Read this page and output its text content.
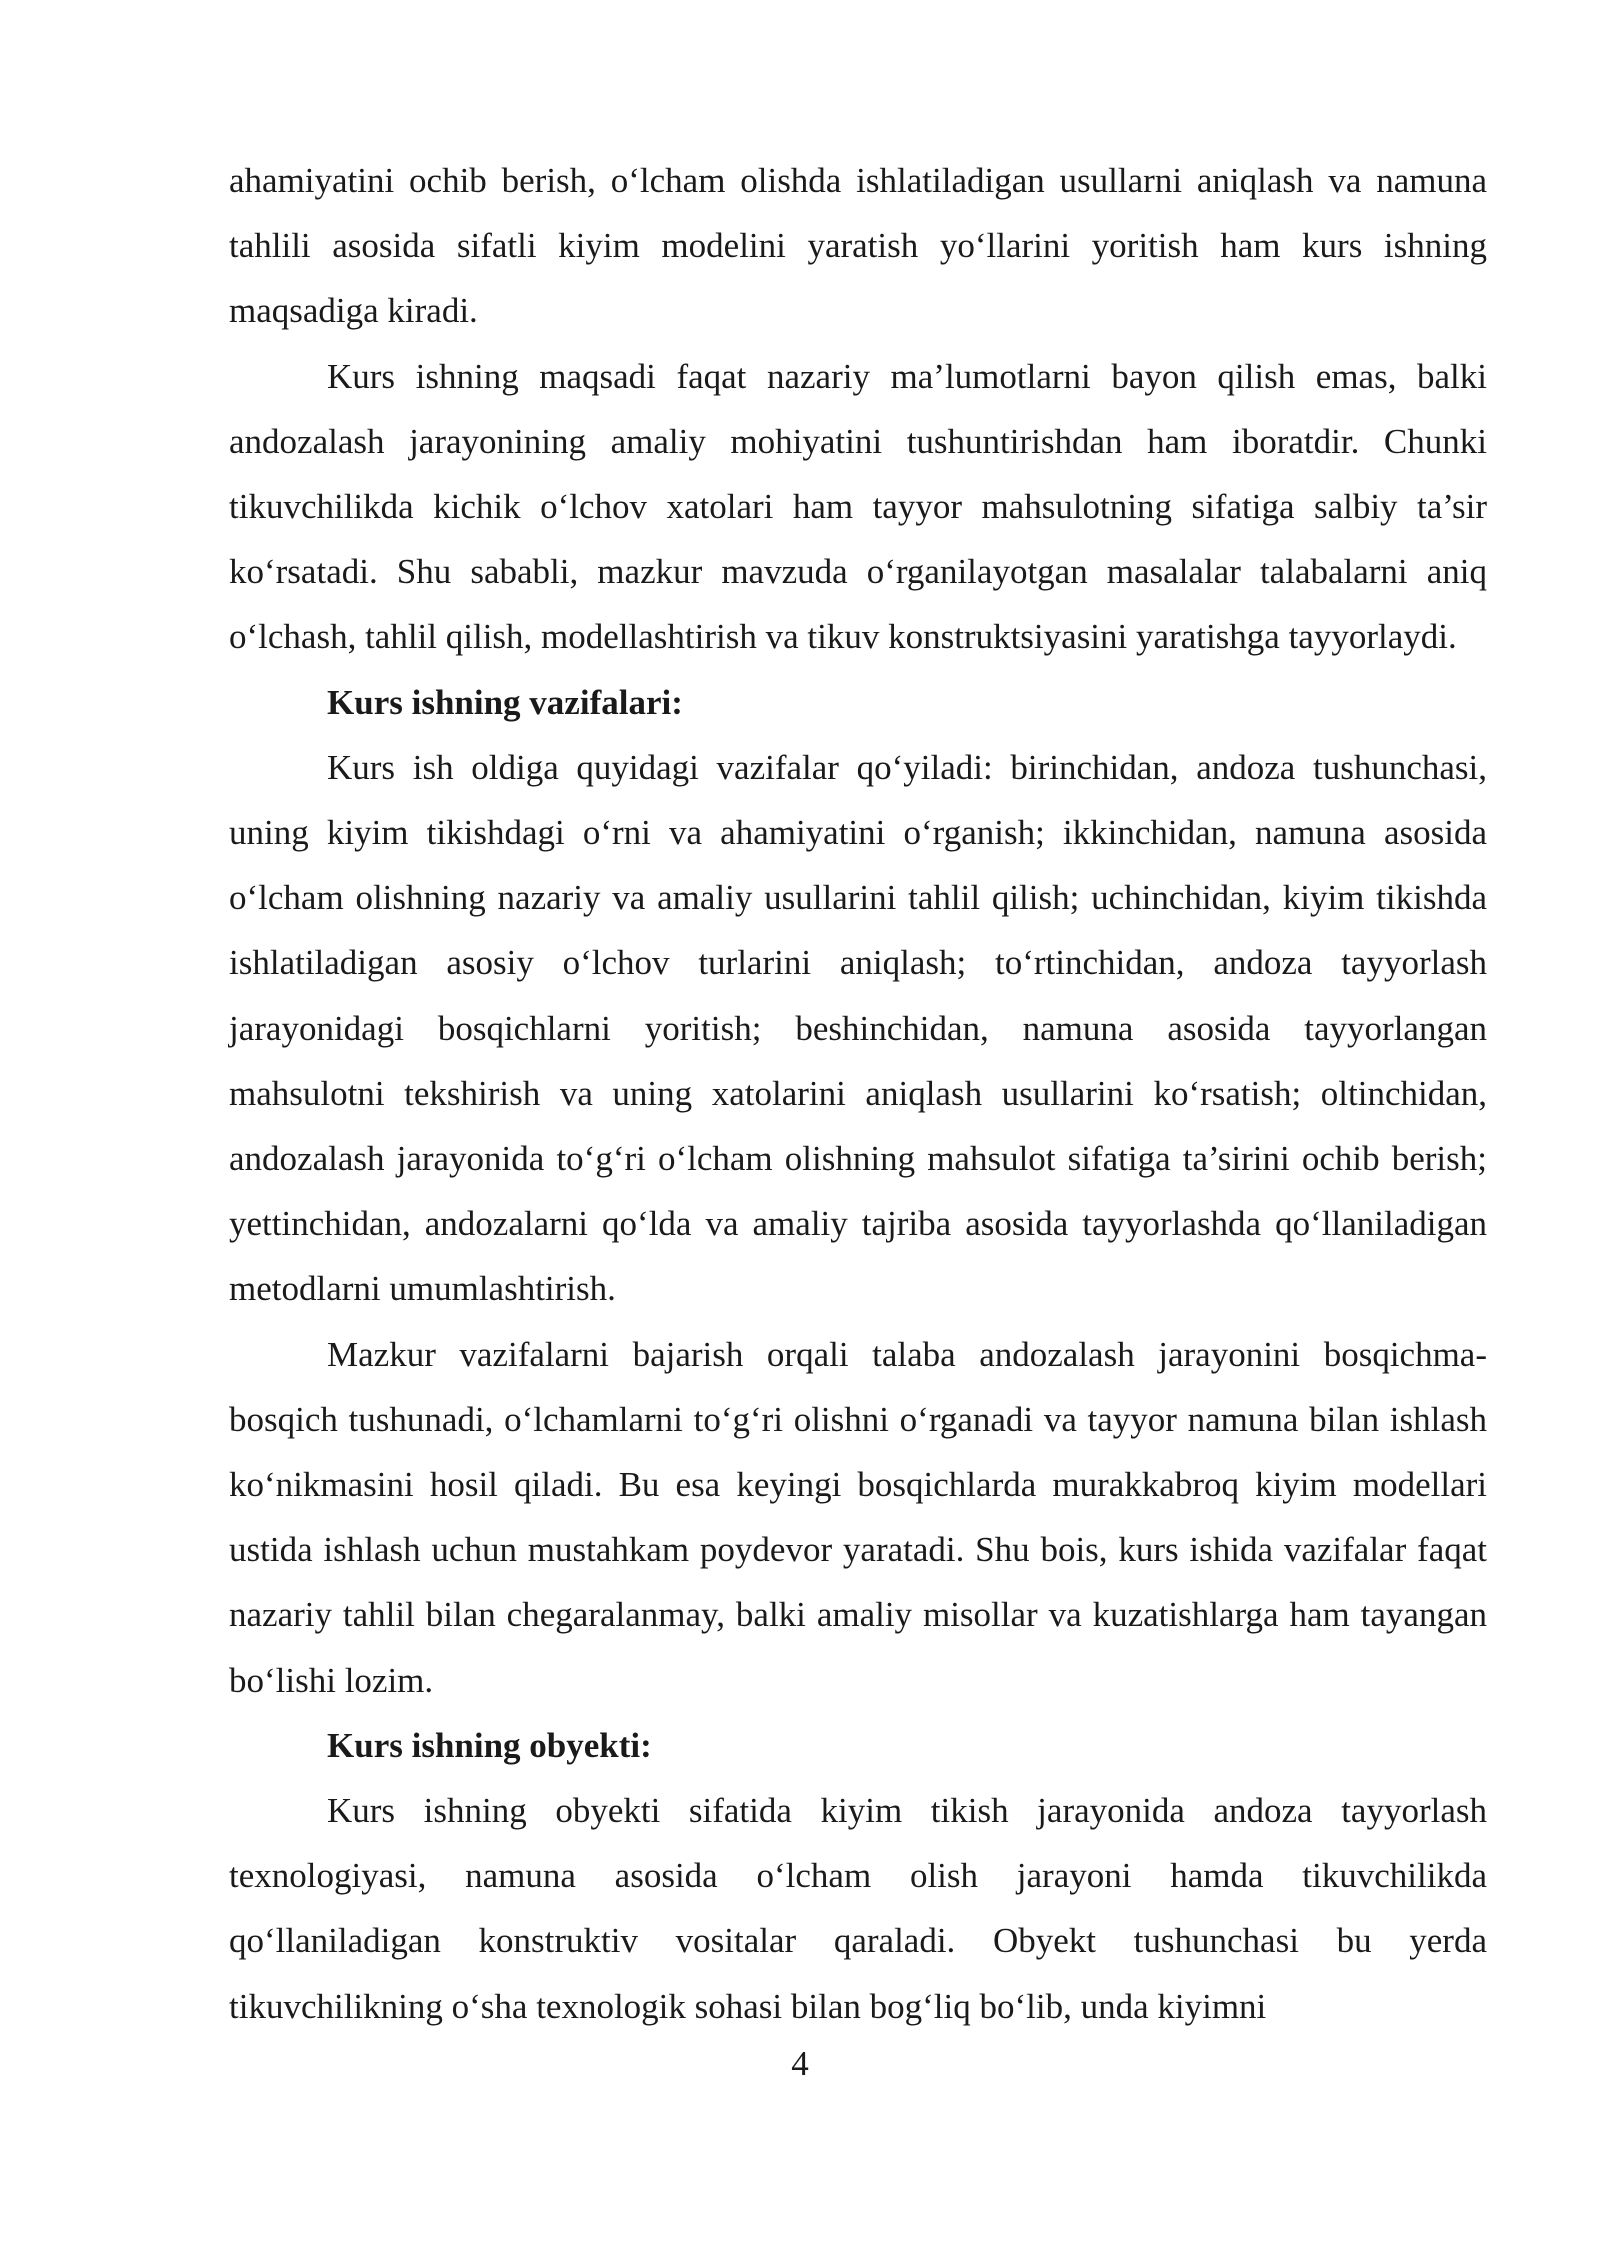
ahamiyatini ochib berish, o‘lcham olishda ishlatiladigan usullarni aniqlash va namuna tahlili asosida sifatli kiyim modelini yaratish yo‘llarini yoritish ham kurs ishning maqsadiga kiradi.

Kurs ishning maqsadi faqat nazariy ma’lumotlarni bayon qilish emas, balki andozalash jarayonining amaliy mohiyatini tushuntirishdan ham iboratdir. Chunki tikuvchilikda kichik o‘lchov xatolari ham tayyor mahsulotning sifatiga salbiy ta’sir ko‘rsatadi. Shu sababli, mazkur mavzuda o‘rganilayotgan masalalar talabalarni aniq o‘lchash, tahlil qilish, modellashtirish va tikuv konstruktsiyasini yaratishga tayyorlaydi.

Kurs ishning vazifalari:

Kurs ish oldiga quyidagi vazifalar qo‘yiladi: birinchidan, andoza tushunchasi, uning kiyim tikishdagi o‘rni va ahamiyatini o‘rganish; ikkinchidan, namuna asosida o‘lcham olishning nazariy va amaliy usullarini tahlil qilish; uchinchidan, kiyim tikishda ishlatiladigan asosiy o‘lchov turlarini aniqlash; to‘rtinchidan, andoza tayyorlash jarayonidagi bosqichlarni yoritish; beshinchidan, namuna asosida tayyorlangan mahsulotni tekshirish va uning xatolarini aniqlash usullarini ko‘rsatish; oltinchidan, andozalash jarayonida to‘g‘ri o‘lcham olishning mahsulot sifatiga ta’sirini ochib berish; yettinchidan, andozalarni qo‘lda va amaliy tajriba asosida tayyorlashda qo‘llaniladigan metodlarni umumlashtirish.

Mazkur vazifalarni bajarish orqali talaba andozalash jarayonini bosqichma-bosqich tushunadi, o‘lchamlarni to‘g‘ri olishni o‘rganadi va tayyor namuna bilan ishlash ko‘nikmasini hosil qiladi. Bu esa keyingi bosqichlarda murakkabroq kiyim modellari ustida ishlash uchun mustahkam poydevor yaratadi. Shu bois, kurs ishida vazifalar faqat nazariy tahlil bilan chegaralanmay, balki amaliy misollar va kuzatishlarga ham tayangan bo‘lishi lozim.

Kurs ishning obyekti:

Kurs ishning obyekti sifatida kiyim tikish jarayonida andoza tayyorlash texnologiyasi, namuna asosida o‘lcham olish jarayoni hamda tikuvchilikda qo‘llaniladigan konstruktiv vositalar qaraladi. Obyekt tushunchasi bu yerda tikuvchilikning o‘sha texnologik sohasi bilan bog‘liq bo‘lib, unda kiyimni

4
